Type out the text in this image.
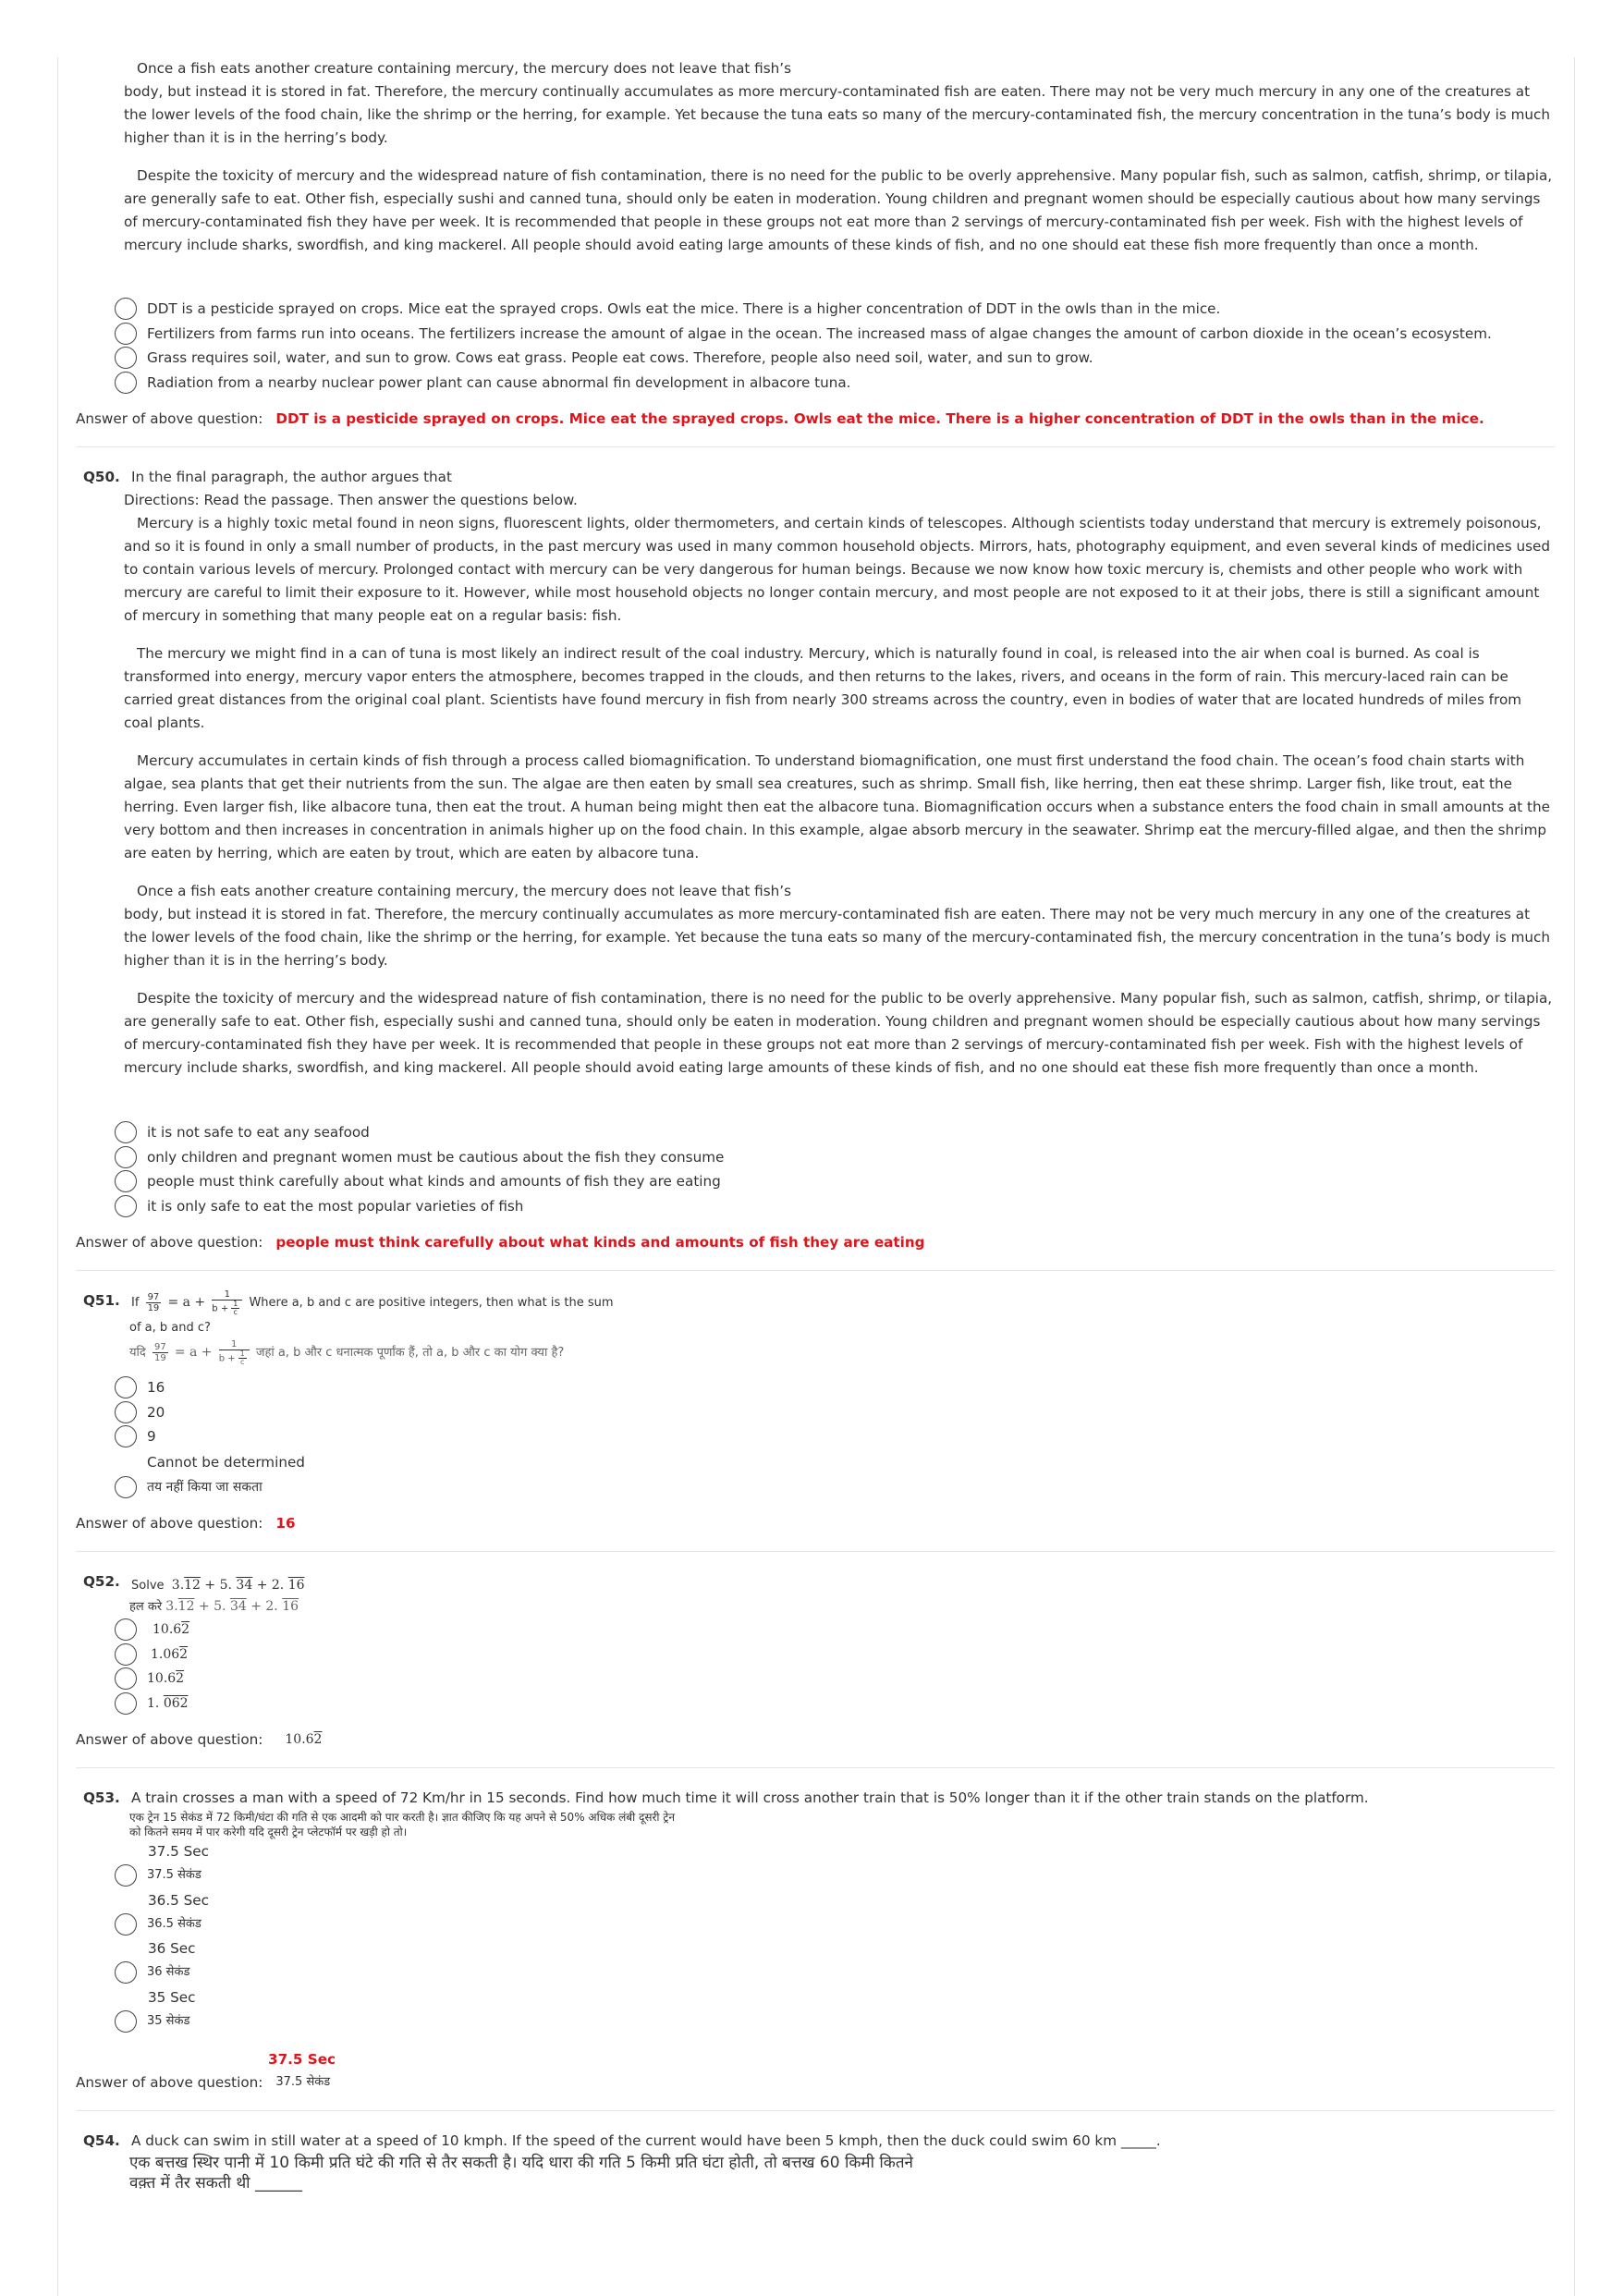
Once a fish eats another creature containing mercury, the mercury does not leave that fish’s

body, but instead it is stored in fat. Therefore, the mercury continually accumulates as more mercury-contaminated fish are eaten. There may not be very much mercury in any one of the creatures at the lower levels of the food chain, like the shrimp or the herring, for example. Yet because the tuna eats so many of the mercury-contaminated fish, the mercury concentration in the tuna’s body is much higher than it is in the herring’s body.

Despite the toxicity of mercury and the widespread nature of fish contamination, there is no need for the public to be overly apprehensive. Many popular fish, such as salmon, catfish, shrimp, or tilapia, are generally safe to eat. Other fish, especially sushi and canned tuna, should only be eaten in moderation. Young children and pregnant women should be especially cautious about how many servings of mercury-contaminated fish they have per week. It is recommended that people in these groups not eat more than 2 servings of mercury-contaminated fish per week. Fish with the highest levels of mercury include sharks, swordfish, and king mackerel. All people should avoid eating large amounts of these kinds of fish, and no one should eat these fish more frequently than once a month.

DDT is a pesticide sprayed on crops. Mice eat the sprayed crops. Owls eat the mice. There is a higher concentration of DDT in the owls than in the mice.
Fertilizers from farms run into oceans. The fertilizers increase the amount of algae in the ocean. The increased mass of algae changes the amount of carbon dioxide in the ocean’s ecosystem.
Grass requires soil, water, and sun to grow. Cows eat grass. People eat cows. Therefore, people also need soil, water, and sun to grow.
Radiation from a nearby nuclear power plant can cause abnormal fin development in albacore tuna.
Answer of above question: DDT is a pesticide sprayed on crops. Mice eat the sprayed crops. Owls eat the mice. There is a higher concentration of DDT in the owls than in the mice.
Q50. In the final paragraph, the author argues that

Directions: Read the passage. Then answer the questions below.

Mercury is a highly toxic metal found in neon signs, fluorescent lights, older thermometers, and certain kinds of telescopes. Although scientists today understand that mercury is extremely poisonous, and so it is found in only a small number of products, in the past mercury was used in many common household objects. Mirrors, hats, photography equipment, and even several kinds of medicines used to contain various levels of mercury. Prolonged contact with mercury can be very dangerous for human beings. Because we now know how toxic mercury is, chemists and other people who work with mercury are careful to limit their exposure to it. However, while most household objects no longer contain mercury, and most people are not exposed to it at their jobs, there is still a significant amount of mercury in something that many people eat on a regular basis: fish.

The mercury we might find in a can of tuna is most likely an indirect result of the coal industry. Mercury, which is naturally found in coal, is released into the air when coal is burned. As coal is transformed into energy, mercury vapor enters the atmosphere, becomes trapped in the clouds, and then returns to the lakes, rivers, and oceans in the form of rain. This mercury-laced rain can be carried great distances from the original coal plant. Scientists have found mercury in fish from nearly 300 streams across the country, even in bodies of water that are located hundreds of miles from coal plants.

Mercury accumulates in certain kinds of fish through a process called biomagnification. To understand biomagnification, one must first understand the food chain. The ocean’s food chain starts with algae, sea plants that get their nutrients from the sun. The algae are then eaten by small sea creatures, such as shrimp. Small fish, like herring, then eat these shrimp. Larger fish, like trout, eat the herring. Even larger fish, like albacore tuna, then eat the trout. A human being might then eat the albacore tuna. Biomagnification occurs when a substance enters the food chain in small amounts at the very bottom and then increases in concentration in animals higher up on the food chain. In this example, algae absorb mercury in the seawater. Shrimp eat the mercury-filled algae, and then the shrimp are eaten by herring, which are eaten by trout, which are eaten by albacore tuna.

Once a fish eats another creature containing mercury, the mercury does not leave that fish’s

body, but instead it is stored in fat. Therefore, the mercury continually accumulates as more mercury-contaminated fish are eaten. There may not be very much mercury in any one of the creatures at the lower levels of the food chain, like the shrimp or the herring, for example. Yet because the tuna eats so many of the mercury-contaminated fish, the mercury concentration in the tuna’s body is much higher than it is in the herring’s body.

Despite the toxicity of mercury and the widespread nature of fish contamination, there is no need for the public to be overly apprehensive. Many popular fish, such as salmon, catfish, shrimp, or tilapia, are generally safe to eat. Other fish, especially sushi and canned tuna, should only be eaten in moderation. Young children and pregnant women should be especially cautious about how many servings of mercury-contaminated fish they have per week. It is recommended that people in these groups not eat more than 2 servings of mercury-contaminated fish per week. Fish with the highest levels of mercury include sharks, swordfish, and king mackerel. All people should avoid eating large amounts of these kinds of fish, and no one should eat these fish more frequently than once a month.

it is not safe to eat any seafood
only children and pregnant women must be cautious about the fish they consume
people must think carefully about what kinds and amounts of fish they are eating
it is only safe to eat the most popular varieties of fish
Answer of above question: people must think carefully about what kinds and amounts of fish they are eating
Q51. If $\frac{97}{19} = a + \frac{1}{b + \frac{1}{c}}$ Where a, b and c are positive integers, then what is the sum

of a, b and c?

यदि $\frac{97}{19} = a + \frac{1}{b + \frac{1}{c}}$ जहां a, b और c धनात्मक पूर्णांक हैं, तो a, b और c का योग क्या है?

16
20
9

Cannot be determined

तय नहीं किया जा सकता
Answer of above question: 16
Q52. Solve 3.12 + 5. 34 + 2. 16
हल करे 3.12 + 5. 34 + 2. 16
10.62
1.062
10.62
1. 062
Answer of above question: 10.62
Q53. A train crosses a man with a speed of 72 Km/hr in 15 seconds. Find how much time it will cross another train that is 50% longer than it if the other train stands on the platform.

एक ट्रेन 15 सेकंड में 72 किमी/घंटा की गति से एक आदमी को पार करती है। ज्ञात कीजिए कि यह अपने से 50% अधिक लंबी दूसरी ट्रेन

को कितने समय में पार करेगी यदि दूसरी ट्रेन प्लेटफॉर्म पर खड़ी हो तो।

37.5 Sec

37.5 सेकंड

36.5 Sec

36.5 सेकंड

36 Sec

36 सेकंड

35 Sec

35 सेकंड

37.5 Sec

Answer of above question: 37.5 सेकंड
Q54. A duck can swim in still water at a speed of 10 kmph. If the speed of the current would have been 5 kmph, then the duck could swim 60 km _____.

एक बत्तख स्थिर पानी में 10 किमी प्रति घंटे की गति से तैर सकती है। यदि धारा की गति 5 किमी प्रति घंटा होती, तो बत्तख 60 किमी कितने

वक़्त में तैर सकती थी ______
